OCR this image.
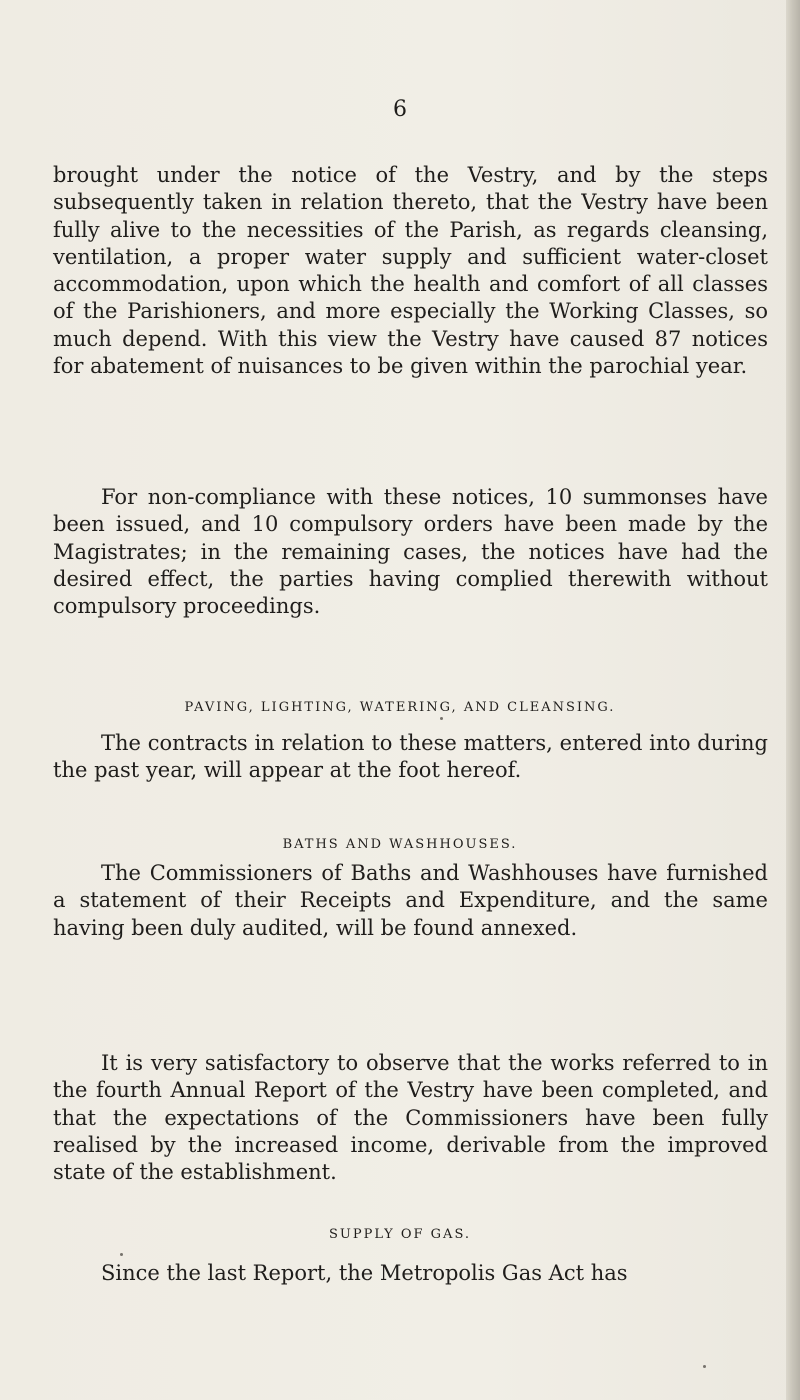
6
brought under the notice of the Vestry, and by the steps subsequently taken in relation thereto, that the Vestry have been fully alive to the necessities of the Parish, as regards cleansing, ventilation, a proper water supply and sufficient water-closet accommodation, upon which the health and comfort of all classes of the Parishioners, and more especially the Working Classes, so much depend. With this view the Vestry have caused 87 notices for abatement of nuisances to be given within the parochial year.
For non-compliance with these notices, 10 summonses have been issued, and 10 compulsory orders have been made by the Magistrates; in the remaining cases, the notices have had the desired effect, the parties having complied therewith without compulsory proceedings.
PAVING, LIGHTING, WATERING, AND CLEANSING.
The contracts in relation to these matters, entered into during the past year, will appear at the foot hereof.
BATHS AND WASHHOUSES.
The Commissioners of Baths and Washhouses have furnished a statement of their Receipts and Expenditure, and the same having been duly audited, will be found annexed.
It is very satisfactory to observe that the works referred to in the fourth Annual Report of the Vestry have been completed, and that the expectations of the Commissioners have been fully realised by the increased income, derivable from the improved state of the establishment.
SUPPLY OF GAS.
Since the last Report, the Metropolis Gas Act has
